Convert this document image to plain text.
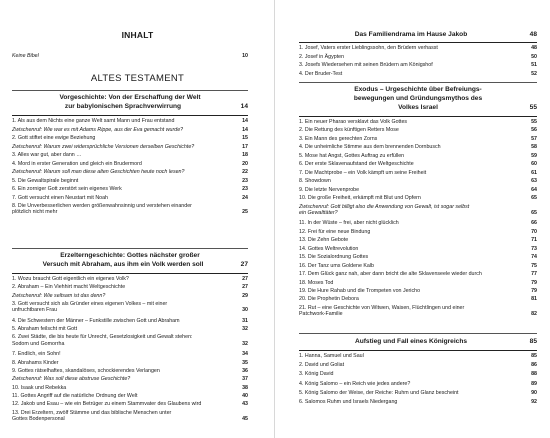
INHALT
Keine Bibel	10
ALTES TESTAMENT
Vorgeschichte: Von der Erschaffung der Welt
zur babylonischen Sprachverwirrung	14
1. Als aus dem Nichts eine ganze Welt samt Mann und Frau entstand	14
Zwischenruf: Wie war es mit Adams Rippe, aus der Eva gemacht wurde?	14
2. Gott stiftet eine ewige Beziehung	15
Zwischenruf: Warum zwei widersprüchliche Versionen derselben Geschichte?	17
3. Alles war gut, aber dann …	18
4. Mord in erster Generation und gleich ein Brudermord	20
Zwischenruf: Warum soll man diese alten Geschichten heute noch lesen?	22
5. Die Gewaltspirale beginnt	23
6. Ein zorniger Gott zerstört sein eigenes Werk	23
7. Gott versucht einen Neustart mit Noah	24
8. Die Unverbesserlichen werden größenwahnsinnig und verstehen einander
plötzlich nicht mehr	25
Erzelterngeschichte: Gottes nächster großer
Versuch mit Abraham, aus ihm ein Volk werden soll	27
1. Wozu braucht Gott eigentlich ein eigenes Volk?	27
2. Abraham – Ein Viehhirt macht Weltgeschichte	27
Zwischenruf: Wie seltsam ist das denn?	29
3. Gott versucht sich als Gründer eines eigenen Volkes – mit einer
unfruchtbaren Frau	30
4. Die Schwestern der Männer – Funkstille zwischen Gott und Abraham	31
5. Abraham feilscht mit Gott	32
6. Zwei Städte, die bis heute für Unrecht, Gesetzlosigkeit und Gewalt stehen:
Sodom und Gomorrha	32
7. Endlich, ein Sohn!	34
8. Abrahams Kinder	35
9. Gottes rätselhaftes, skandalöses, schockierendes Verlangen	36
Zwischenruf: Was soll diese abstruse Geschichte?	37
10. Isaak und Rebekka	38
11. Gottes Angriff auf die natürliche Ordnung der Welt	40
12. Jakob und Esau – wie ein Betrüger zu einem Stammvater des Glaubens wird	43
13. Drei Erzeltern, zwölf Stämme und das biblische Menschen unter
Gottes Bodenpersonal	45
Das Familiendrama im Hause Jakob	48
1. Josef, Vaters erster Lieblingssohn, den Brüdern verhasst	48
2. Josef in Ägypten	50
3. Josefs Wiedersehen mit seinen Brüdern am Königshof	51
4. Der Bruder-Test	52
Exodus – Urgeschichte über Befreiungs-
bewegungen und Gründungsmythos des
Volkes Israel	55
1. Ein neuer Pharao versklavt das Volk Gottes	55
2. Die Rettung des künftigen Retters Mose	56
3. Ein Mann des gerechten Zorns	57
4. Die unheimliche Stimme aus dem brennenden Dornbusch	58
5. Mose hat Angst, Gottes Auftrag zu erfüllen	59
6. Der erste Sklavenaufstand der Weltgeschichte	60
7. Die Machtprobe – ein Volk kämpft um seine Freiheit	61
8. Showdown	63
9. Die letzte Nervenprobe	64
10. Die große Freiheit, erkämpft mit Blut und Opfern	65
Zwischenruf: Gott billigt also die Anwendung von Gewalt, ist sogar selbst
ein Gewalttäter?	65
11. In der Wüste – frei, aber nicht glücklich	66
12. Frei für eine neue Bindung	70
13. Die Zehn Gebote	71
14. Gottes Weltrevolution	73
15. Die Sozialordnung Gottes	74
16. Der Tanz ums Goldene Kalb	75
17. Dem Glück ganz nah, aber dann bricht die alte Sklavenseele wieder durch	77
18. Moses Tod	79
19. Die Hure Rahab und die Trompeten von Jericho	79
20. Die Prophetin Debora	81
21. Rut – eine Geschichte von Witwen, Waisen, Flüchtlingen und einer
Patchwork-Familie	82
Aufstieg und Fall eines Königreichs	85
1. Hanna, Samuel und Saul	85
2. David und Goliat	86
3. König David	88
4. König Salomo – ein Reich wie jedes andere?	89
5. König Salomo der Weise, der Reiche: Ruhm und Glanz bescheint	90
6. Salomos Ruhm und Israels Niedergang	92
